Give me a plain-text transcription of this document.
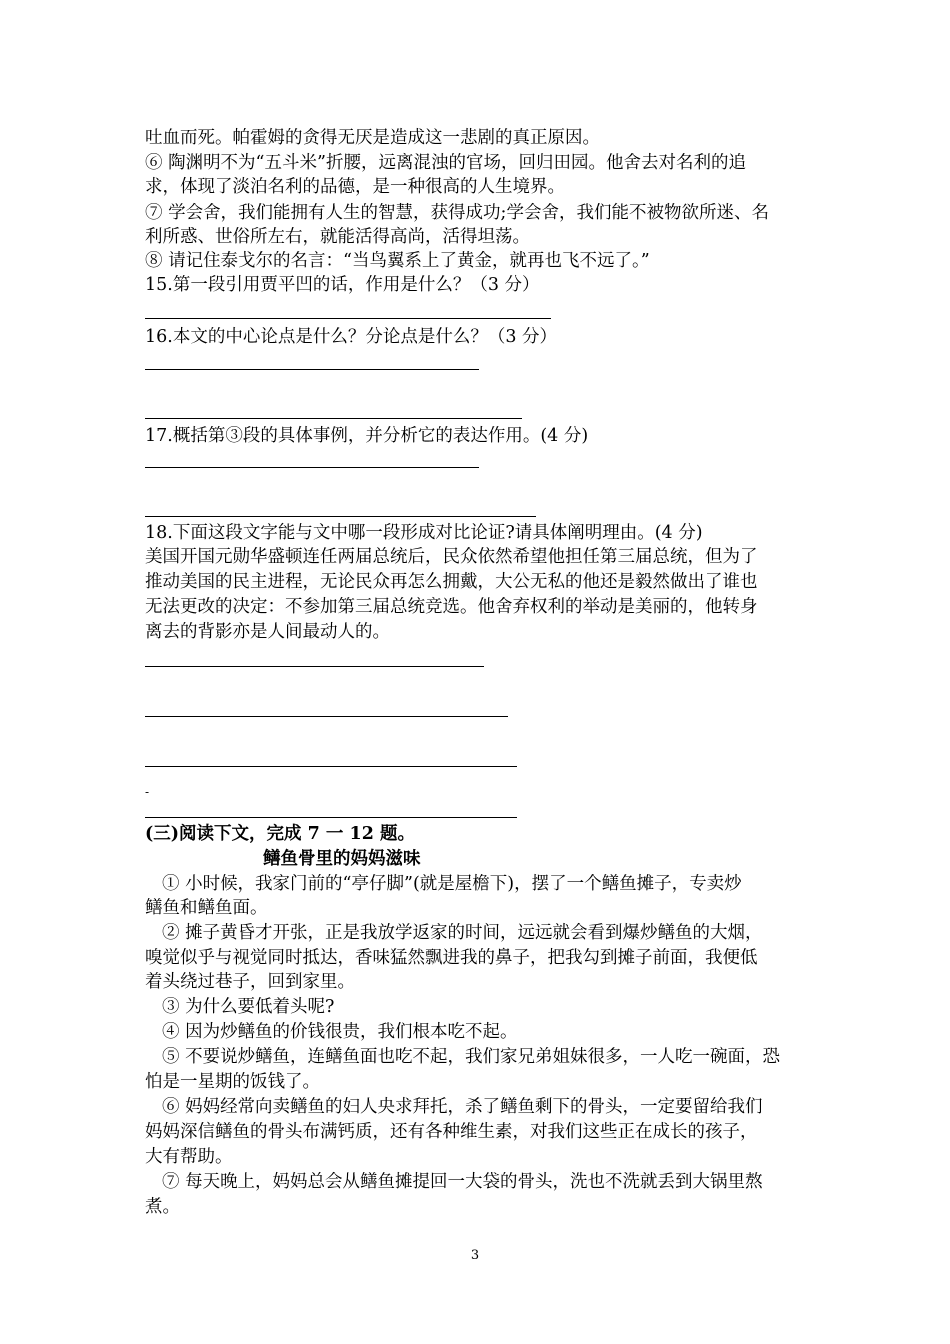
吐血而死。帕霍姆的贪得无厌是造成这一悲剧的真正原因。
⑥ 陶渊明不为“五斗米”折腰，远离混浊的官场，回归田园。他舍去对名利的追
求，体现了淡泊名利的品德，是一种很高的人生境界。
⑦ 学会舍，我们能拥有人生的智慧，获得成功;学会舍，我们能不被物欲所迷、名
利所惑、世俗所左右，就能活得高尚，活得坦荡。
⑧ 请记住泰戈尔的名言：“当鸟翼系上了黄金，就再也飞不远了。”
15.第一段引用贾平凹的话，作用是什么？（3 分）
16.本文的中心论点是什么？分论点是什么？（3 分）
17.概括第③段的具体事例，并分析它的表达作用。(4 分)
18.下面这段文字能与文中哪一段形成对比论证?请具体阐明理由。(4 分)
美国开国元勋华盛顿连任两届总统后，民众依然希望他担任第三届总统，但为了
推动美国的民主进程，无论民众再怎么拥戴，大公无私的他还是毅然做出了谁也
无法更改的决定：不参加第三届总统竞选。他舍弃权利的举动是美丽的，他转身
离去的背影亦是人间最动人的。
-
(三)阅读下文，完成 7 一 12 题。
鳝鱼骨里的妈妈滋味
① 小时候，我家门前的“亭仔脚”(就是屋檐下)，摆了一个鳝鱼摊子，专卖炒
鳝鱼和鳝鱼面。
② 摊子黄昏才开张，正是我放学返家的时间，远远就会看到爆炒鳝鱼的大烟，
嗅觉似乎与视觉同时抵达，香味猛然飘进我的鼻子，把我勾到摊子前面，我便低
着头绕过巷子，回到家里。
③ 为什么要低着头呢?
④ 因为炒鳝鱼的价钱很贵，我们根本吃不起。
⑤ 不要说炒鳝鱼，连鳝鱼面也吃不起，我们家兄弟姐妹很多，一人吃一碗面，恐
怕是一星期的饭钱了。
⑥ 妈妈经常向卖鳝鱼的妇人央求拜托，杀了鳝鱼剩下的骨头，一定要留给我们
妈妈深信鳝鱼的骨头布满钙质，还有各种维生素，对我们这些正在成长的孩子，
大有帮助。
⑦ 每天晚上，妈妈总会从鳝鱼摊提回一大袋的骨头，洗也不洗就丢到大锅里熬
煮。
3
